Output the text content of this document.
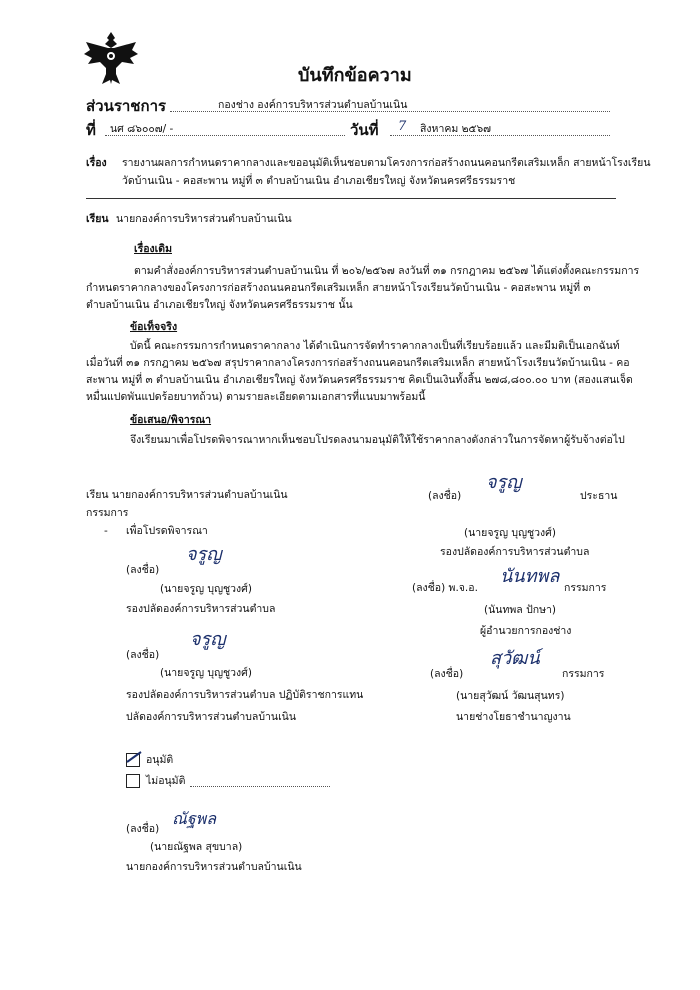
บันทึกข้อความ
ส่วนราชการ	กองช่าง องค์การบริหารส่วนตำบลบ้านเนิน
ที่ นศ ๘๖๐๐๗/ -	วันที่ 7 สิงหาคม ๒๕๖๗
เรื่อง รายงานผลการกำหนดราคากลางและขออนุมัติเห็นชอบตามโครงการก่อสร้างถนนคอนกรีตเสริมเหล็ก สายหน้าโรงเรียน
วัดบ้านเนิน - คอสะพาน หมู่ที่ ๓ ตำบลบ้านเนิน อำเภอเชียรใหญ่ จังหวัดนครศรีธรรมราช
เรียน นายกองค์การบริหารส่วนตำบลบ้านเนิน
เรื่องเดิม
ตามคำสั่งองค์การบริหารส่วนตำบลบ้านเนิน ที่ ๒๐๖/๒๕๖๗ ลงวันที่ ๓๑ กรกฎาคม ๒๕๖๗ ได้แต่งตั้งคณะกรรมการ
กำหนดราคากลางของโครงการก่อสร้างถนนคอนกรีตเสริมเหล็ก สายหน้าโรงเรียนวัดบ้านเนิน - คอสะพาน หมู่ที่ ๓
ตำบลบ้านเนิน อำเภอเชียรใหญ่ จังหวัดนครศรีธรรมราช นั้น
ข้อเท็จจริง
บัดนี้ คณะกรรมการกำหนดราคากลาง ได้ดำเนินการจัดทำราคากลางเป็นที่เรียบร้อยแล้ว และมีมติเป็นเอกฉันท์
เมื่อวันที่ ๓๑ กรกฎาคม ๒๕๖๗ สรุปราคากลางโครงการก่อสร้างถนนคอนกรีตเสริมเหล็ก สายหน้าโรงเรียนวัดบ้านเนิน - คอ
สะพาน หมู่ที่ ๓ ตำบลบ้านเนิน อำเภอเชียรใหญ่ จังหวัดนครศรีธรรมราช คิดเป็นเงินทั้งสิ้น ๒๗๘,๘๐๐.๐๐ บาท (สองแสนเจ็ด
หมื่นแปดพันแปดร้อยบาทถ้วน) ตามรายละเอียดตามเอกสารที่แนบมาพร้อมนี้
ข้อเสนอ/พิจารณา
จึงเรียนมาเพื่อโปรดพิจารณาหากเห็นชอบโปรดลงนามอนุมัติให้ใช้ราคากลางดังกล่าวในการจัดหาผู้รับจ้างต่อไป
เรียน นายกองค์การบริหารส่วนตำบลบ้านเนิน
กรรมการ
- เพื่อโปรดพิจารณา
(ลงชื่อ)
จรูญ
(นายจรูญ บุญชูวงศ์)
รองปลัดองค์การบริหารส่วนตำบล
(ลงชื่อ)
จรูญ
(นายจรูญ บุญชูวงศ์)
รองปลัดองค์การบริหารส่วนตำบล ปฏิบัติราชการแทน
ปลัดองค์การบริหารส่วนตำบลบ้านเนิน
(ลงชื่อ)
จรูญ
ประธาน
(นายจรูญ บุญชูวงศ์)
รองปลัดองค์การบริหารส่วนตำบล
(ลงชื่อ) พ.จ.อ.
นันทพล
กรรมการ
(นันทพล ปักษา)
ผู้อำนวยการกองช่าง
(ลงชื่อ)
สุวัฒน์
กรรมการ
(นายสุวัฒน์ วัฒนสุนทร)
นายช่างโยธาชำนาญงาน
อนุมัติ
ไม่อนุมัติ
(ลงชื่อ)
ณัฐพล
(นายณัฐพล สุขบาล)
นายกองค์การบริหารส่วนตำบลบ้านเนิน
